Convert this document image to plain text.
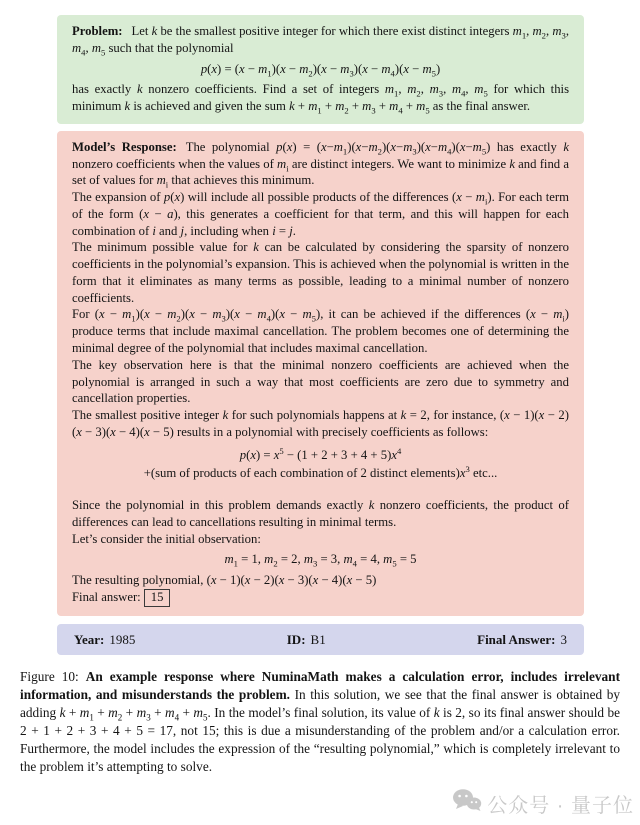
Problem: Let k be the smallest positive integer for which there exist distinct integers $m_1$, $m_2$, $m_3$, $m_4$, $m_5$ such that the polynomial

$p(x) = (x - m_1)(x - m_2)(x - m_3)(x - m_4)(x - m_5)$

has exactly k nonzero coefficients. Find a set of integers $m_1$, $m_2$, $m_3$, $m_4$, $m_5$ for which this minimum k is achieved and given the sum $k + m_1 + m_2 + m_3 + m_4 + m_5$ as the final answer.

Model’s Response: The polynomial $p(x) = (x-m_1)(x-m_2)(x-m_3)(x-m_4)(x-m_5)$ has exactly k nonzero coefficients when the values of $m_i$ are distinct integers. We want to minimize k and find a set of values for $m_i$ that achieves this minimum.

The expansion of p(x) will include all possible products of the differences $(x - m_i)$. For each term of the form (x − a), this generates a coefficient for that term, and this will happen for each combination of i and j, including when i = j.

The minimum possible value for k can be calculated by considering the sparsity of nonzero coefficients in the polynomial’s expansion. This is achieved when the polynomial is written in the form that it eliminates as many terms as possible, leading to a minimal number of nonzero coefficients.

For $(x - m_1)(x - m_2)(x - m_3)(x - m_4)(x - m_5)$, it can be achieved if the differences $(x - m_i)$ produce terms that include maximal cancellation. The problem becomes one of determining the minimal degree of the polynomial that includes maximal cancellation.

The key observation here is that the minimal nonzero coefficients are achieved when the polynomial is arranged in such a way that most coefficients are zero due to symmetry and cancellation properties.

The smallest positive integer k for such polynomials happens at k = 2, for instance, (x − 1)(x − 2)(x − 3)(x − 4)(x − 5) results in a polynomial with precisely coefficients as follows:

$p(x) = x^5 - (1 + 2 + 3 + 4 + 5)x^4$
+(sum of products of each combination of 2 distinct $elements)x^3$ etc...

Since the polynomial in this problem demands exactly k nonzero coefficients, the product of differences can lead to cancellations resulting in minimal terms.

Let’s consider the initial observation:

$m_1 = 1$, $m_2 = 2$, $m_3 = 3$, $m_4 = 4$, $m_5 = 5$

The resulting polynomial, (x − 1)(x − 2)(x − 3)(x − 4)(x − 5)

Final answer: 15

Year: 1985	ID: B1	Final Answer: 3

Figure 10: An example response where NuminaMath makes a calculation error, includes irrelevant information, and misunderstands the problem. In this solution, we see that the final answer is obtained by adding $k + m_1 + m_2 + m_3 + m_4 + m_5$. In the model’s final solution, its value of k is 2, so its final answer should be 2 + 1 + 2 + 3 + 4 + 5 = 17, not 15; this is due a misunderstanding of the problem and/or a calculation error. Furthermore, the model includes the expression of the “resulting polynomial,” which is completely irrelevant to the problem it’s attempting to solve.

公众号 · 量子位
